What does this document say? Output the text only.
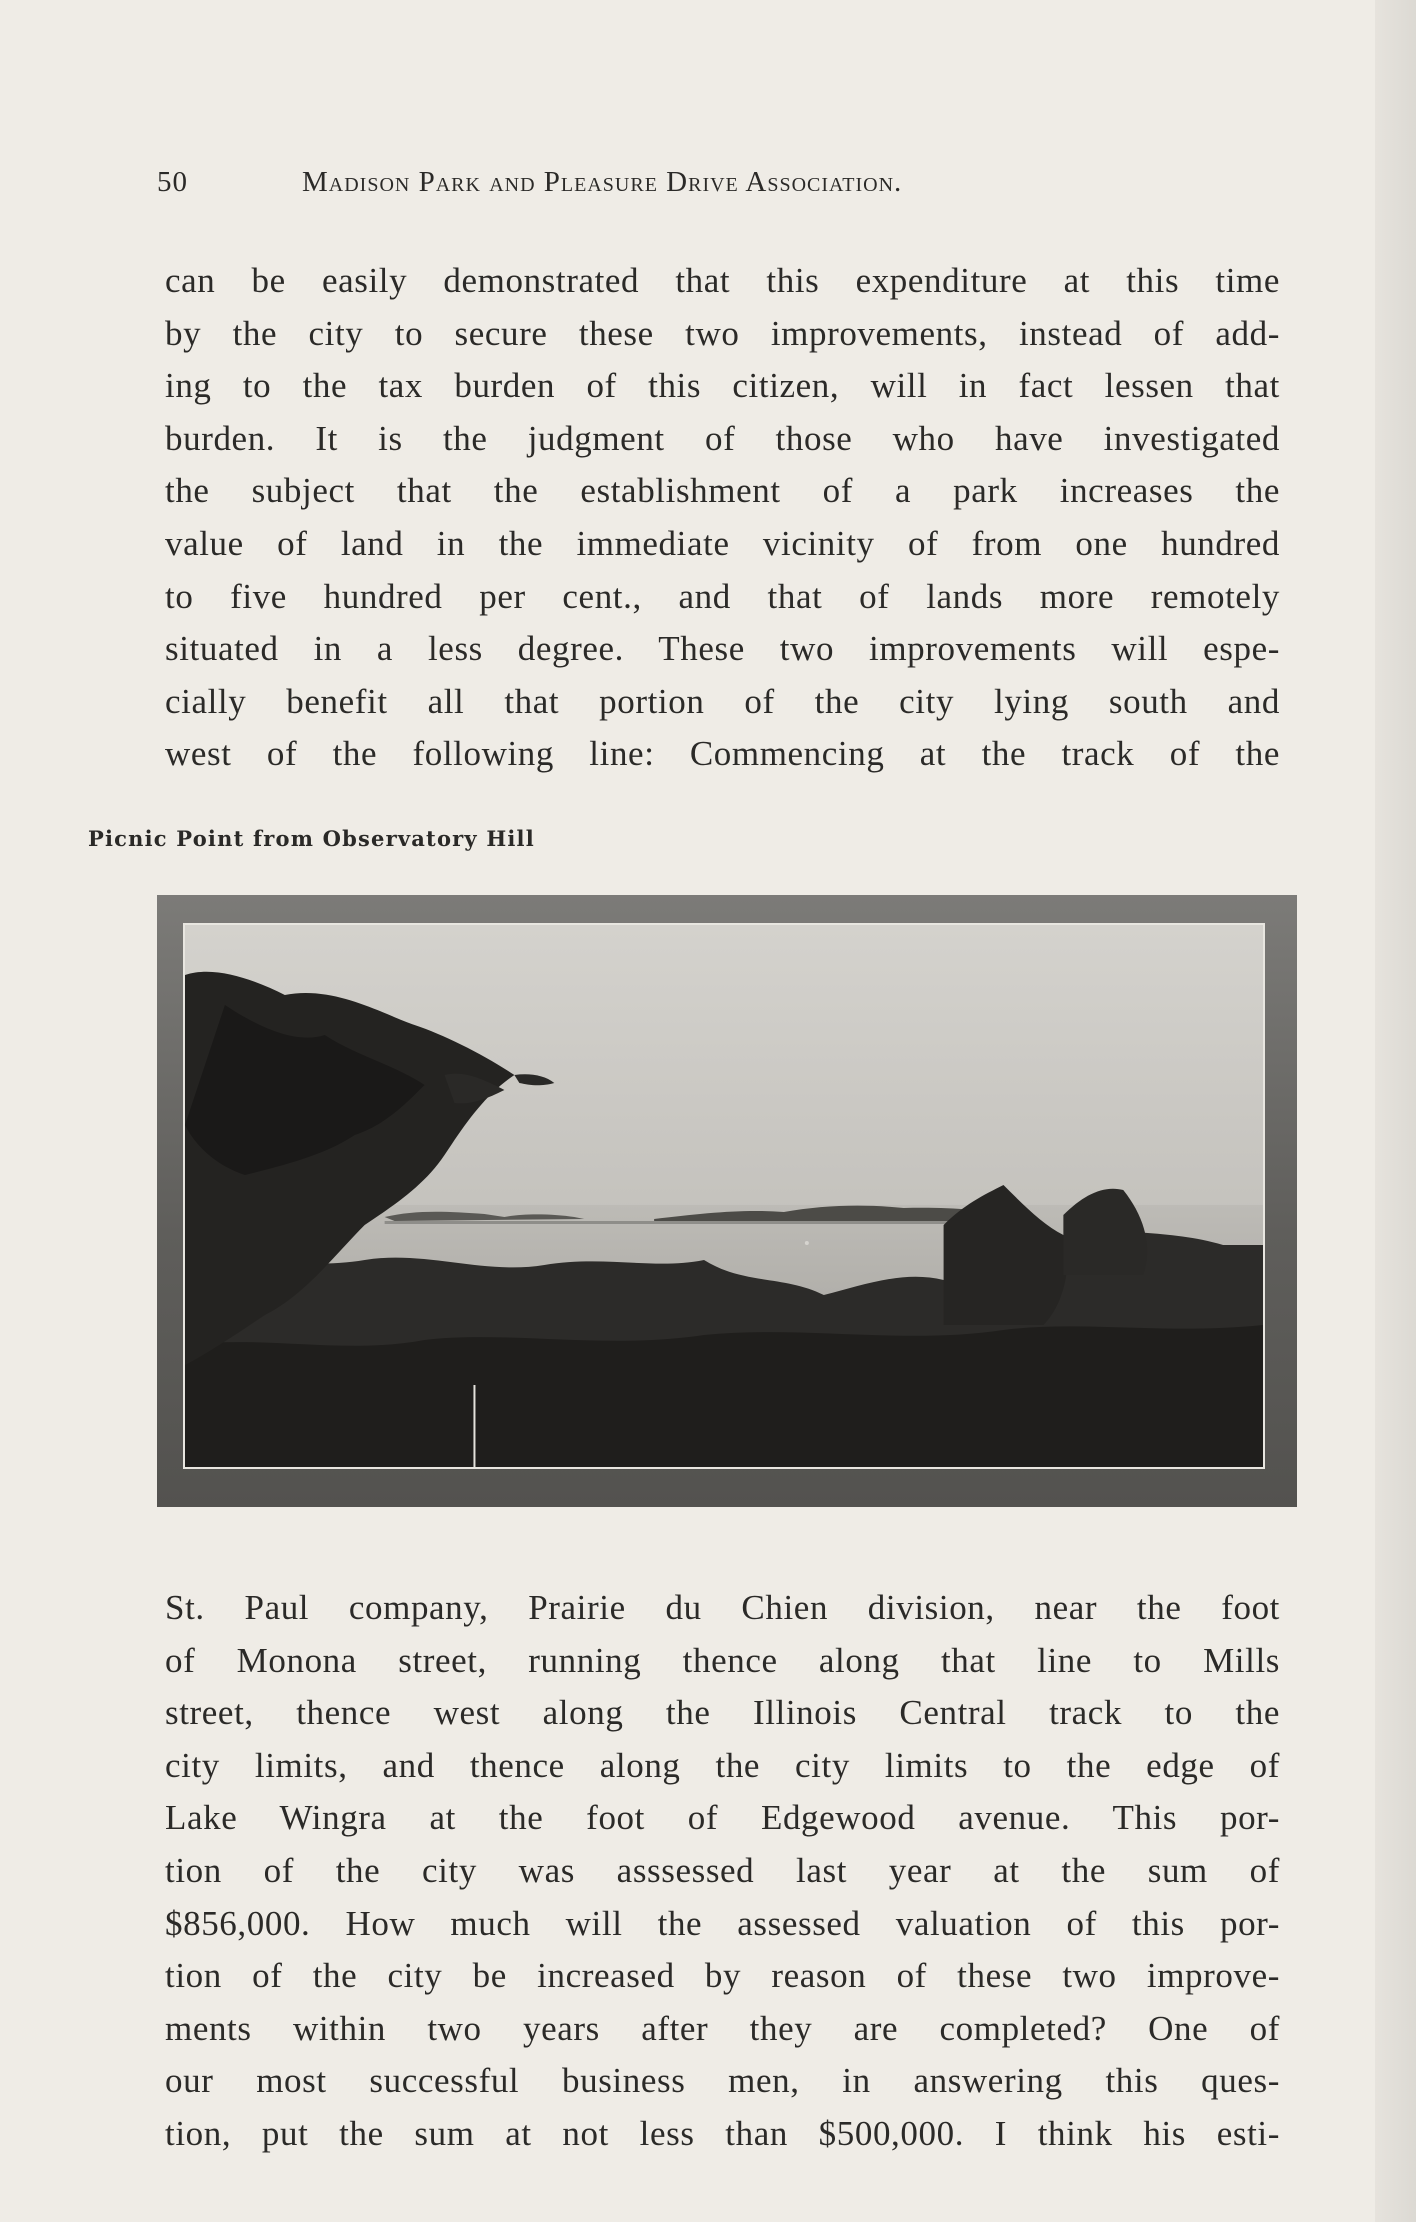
50	Madison Park and Pleasure Drive Association.
can be easily demonstrated that this expenditure at this time
by the city to secure these two improvements, instead of add-
ing to the tax burden of this citizen, will in fact lessen that
burden. It is the judgment of those who have investigated
the subject that the establishment of a park increases the
value of land in the immediate vicinity of from one hundred
to five hundred per cent., and that of lands more remotely
situated in a less degree. These two improvements will espe-
cially benefit all that portion of the city lying south and
west of the following line: Commencing at the track of the
Picnic Point from Observatory Hill
St. Paul company, Prairie du Chien division, near the foot
of Monona street, running thence along that line to Mills
street, thence west along the Illinois Central track to the
city limits, and thence along the city limits to the edge of
Lake Wingra at the foot of Edgewood avenue. This por-
tion of the city was asssessed last year at the sum of
$856,000. How much will the assessed valuation of this por-
tion of the city be increased by reason of these two improve-
ments within two years after they are completed? One of
our most successful business men, in answering this ques-
tion, put the sum at not less than $500,000. I think his esti-
